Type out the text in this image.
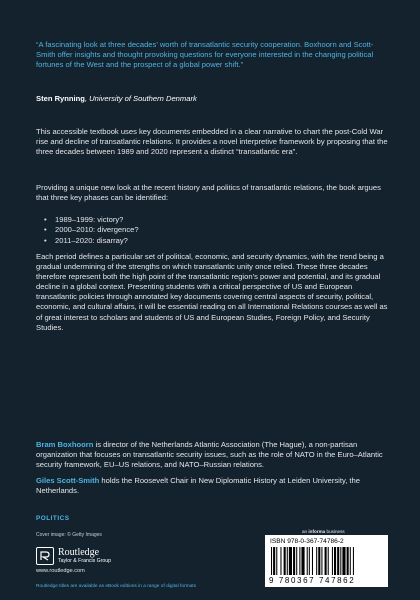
“A fascinating look at three decades’ worth of transatlantic security cooperation. Boxhoorn and Scott-Smith offer insights and thought provoking questions for everyone interested in the changing political fortunes of the West and the prospect of a global power shift.”
Sten Rynning, University of Southern Denmark

This accessible textbook uses key documents embedded in a clear narrative to chart the post-Cold War rise and decline of transatlantic relations. It provides a novel interpretive framework by proposing that the three decades between 1989 and 2020 represent a distinct “transatlantic era”.

Providing a unique new look at the recent history and politics of transatlantic relations, the book argues that three key phases can be identified:

• 1989–1999: victory?
• 2000–2010: divergence?
• 2011–2020: disarray?

Each period defines a particular set of political, economic, and security dynamics, with the trend being a gradual undermining of the strengths on which transatlantic unity once relied. These three decades therefore represent both the high point of the transatlantic region’s power and potential, and its gradual decline in a global context. Presenting students with a critical perspective of US and European transatlantic policies through annotated key documents covering central aspects of security, political, economic, and cultural affairs, it will be essential reading on all International Relations courses as well as of great interest to scholars and students of US and European Studies, Foreign Policy, and Security Studies.

Bram Boxhoorn is director of the Netherlands Atlantic Association (The Hague), a non-partisan organization that focuses on transatlantic security issues, such as the role of NATO in the Euro–Atlantic security framework, EU–US relations, and NATO–Russian relations.

Giles Scott-Smith holds the Roosevelt Chair in New Diplomatic History at Leiden University, the Netherlands.

POLITICS
Cover image: © Getty Images
Routledge
Taylor & Francis Group
www.routledge.com
Routledge titles are available as eBook editions in a range of digital formats
an informa business
ISBN 978-0-367-74786-2
9 780367 747862
